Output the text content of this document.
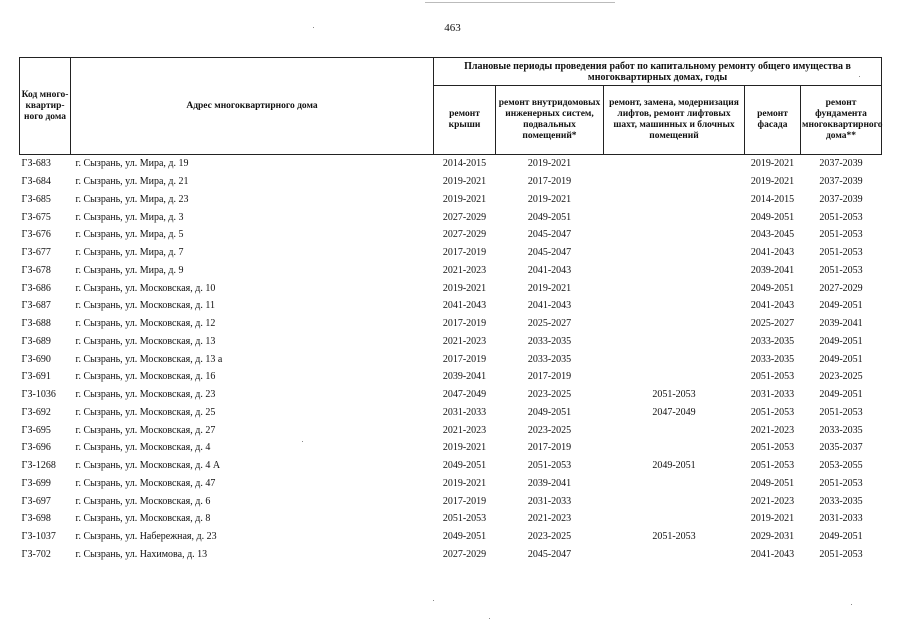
463
Код много-квартир-ного дома	Адрес многоквартирного дома	Плановые периоды проведения работ по капитальному ремонту общего имущества в многоквартирных домах, годы				
		ремонт крыши	ремонт внутридомовых инженерных систем, подвальных помещений*	ремонт, замена, модернизация лифтов, ремонт лифтовых шахт, машинных и блочных помещений	ремонт фасада	ремонт фундамента многоквартирного дома**
ГЗ-683	г. Сызрань, ул. Мира, д. 19	2014-2015	2019-2021		2019-2021	2037-2039
ГЗ-684	г. Сызрань, ул. Мира, д. 21	2019-2021	2017-2019		2019-2021	2037-2039
ГЗ-685	г. Сызрань, ул. Мира, д. 23	2019-2021	2019-2021		2014-2015	2037-2039
ГЗ-675	г. Сызрань, ул. Мира, д. 3	2027-2029	2049-2051		2049-2051	2051-2053
ГЗ-676	г. Сызрань, ул. Мира, д. 5	2027-2029	2045-2047		2043-2045	2051-2053
ГЗ-677	г. Сызрань, ул. Мира, д. 7	2017-2019	2045-2047		2041-2043	2051-2053
ГЗ-678	г. Сызрань, ул. Мира, д. 9	2021-2023	2041-2043		2039-2041	2051-2053
ГЗ-686	г. Сызрань, ул. Московская, д. 10	2019-2021	2019-2021		2049-2051	2027-2029
ГЗ-687	г. Сызрань, ул. Московская, д. 11	2041-2043	2041-2043		2041-2043	2049-2051
ГЗ-688	г. Сызрань, ул. Московская, д. 12	2017-2019	2025-2027		2025-2027	2039-2041
ГЗ-689	г. Сызрань, ул. Московская, д. 13	2021-2023	2033-2035		2033-2035	2049-2051
ГЗ-690	г. Сызрань, ул. Московская, д. 13 а	2017-2019	2033-2035		2033-2035	2049-2051
ГЗ-691	г. Сызрань, ул. Московская, д. 16	2039-2041	2017-2019		2051-2053	2023-2025
ГЗ-1036	г. Сызрань, ул. Московская, д. 23	2047-2049	2023-2025	2051-2053	2031-2033	2049-2051
ГЗ-692	г. Сызрань, ул. Московская, д. 25	2031-2033	2049-2051	2047-2049	2051-2053	2051-2053
ГЗ-695	г. Сызрань, ул. Московская, д. 27	2021-2023	2023-2025		2021-2023	2033-2035
ГЗ-696	г. Сызрань, ул. Московская, д. 4	2019-2021	2017-2019		2051-2053	2035-2037
ГЗ-1268	г. Сызрань, ул. Московская, д. 4 А	2049-2051	2051-2053	2049-2051	2051-2053	2053-2055
ГЗ-699	г. Сызрань, ул. Московская, д. 47	2019-2021	2039-2041		2049-2051	2051-2053
ГЗ-697	г. Сызрань, ул. Московская, д. 6	2017-2019	2031-2033		2021-2023	2033-2035
ГЗ-698	г. Сызрань, ул. Московская, д. 8	2051-2053	2021-2023		2019-2021	2031-2033
ГЗ-1037	г. Сызрань, ул. Набережная, д. 23	2049-2051	2023-2025	2051-2053	2029-2031	2049-2051
ГЗ-702	г. Сызрань, ул. Нахимова, д. 13	2027-2029	2045-2047		2041-2043	2051-2053
